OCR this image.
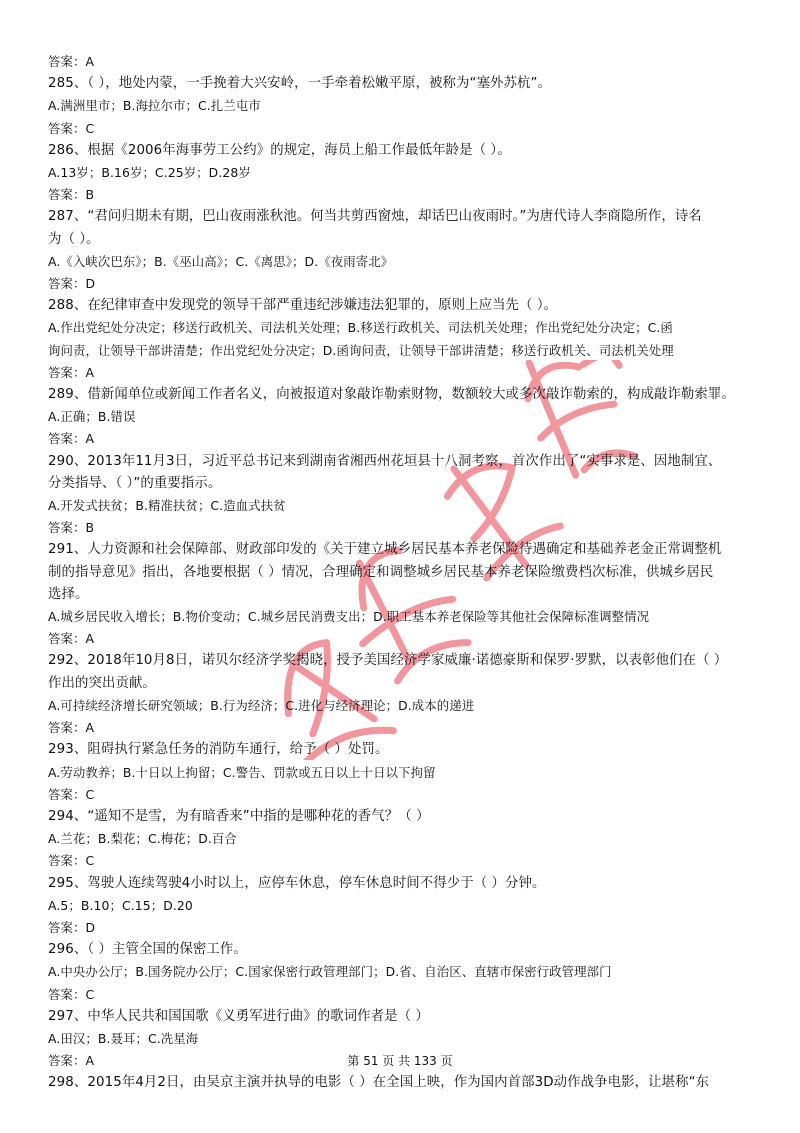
答案：A
285、（ ），地处内蒙，一手挽着大兴安岭，一手牵着松嫩平原，被称为“塞外苏杭”。
A.满洲里市；B.海拉尔市；C.扎兰屯市
答案：C
286、根据《2006年海事劳工公约》的规定，海员上船工作最低年龄是（ ）。
A.13岁；B.16岁；C.25岁；D.28岁
答案：B
287、“君问归期未有期，巴山夜雨涨秋池。何当共剪西窗烛，却话巴山夜雨时。”为唐代诗人李商隐所作，诗名
为（ ）。
A.《入峡次巴东》；B.《巫山高》；C.《离思》；D.《夜雨寄北》
答案：D
288、在纪律审查中发现党的领导干部严重违纪涉嫌违法犯罪的，原则上应当先（ ）。
A.作出党纪处分决定；移送行政机关、司法机关处理；B.移送行政机关、司法机关处理；作出党纪处分决定；C.函
询问责，让领导干部讲清楚；作出党纪处分决定；D.函询问责，让领导干部讲清楚；移送行政机关、司法机关处理
答案：A
289、借新闻单位或新闻工作者名义，向被报道对象敲诈勒索财物，数额较大或多次敲诈勒索的，构成敲诈勒索罪。
A.正确；B.错误
答案：A
290、2013年11月3日，习近平总书记来到湖南省湘西州花垣县十八洞考察，首次作出了“实事求是、因地制宜、
分类指导、（ ）”的重要指示。
A.开发式扶贫；B.精准扶贫；C.造血式扶贫
答案：B
291、人力资源和社会保障部、财政部印发的《关于建立城乡居民基本养老保险待遇确定和基础养老金正常调整机
制的指导意见》指出，各地要根据（ ）情况，合理确定和调整城乡居民基本养老保险缴费档次标准，供城乡居民
选择。
A.城乡居民收入增长；B.物价变动；C.城乡居民消费支出；D.职工基本养老保险等其他社会保障标准调整情况
答案：A
292、2018年10月8日，诺贝尔经济学奖揭晓，授予美国经济学家威廉·诺德豪斯和保罗·罗默，以表彰他们在（ ）
作出的突出贡献。
A.可持续经济增长研究领域；B.行为经济；C.进化与经济理论；D.成本的递进
答案：A
293、阻碍执行紧急任务的消防车通行，给予（ ）处罚。
A.劳动教养；B.十日以上拘留；C.警告、罚款或五日以上十日以下拘留
答案：C
294、“遥知不是雪，为有暗香来”中指的是哪种花的香气？（ ）
A.兰花；B.梨花；C.梅花；D.百合
答案：C
295、驾驶人连续驾驶4小时以上，应停车休息，停车休息时间不得少于（ ）分钟。
A.5；B.10；C.15；D.20
答案：D
296、（ ）主管全国的保密工作。
A.中央办公厅；B.国务院办公厅；C.国家保密行政管理部门；D.省、自治区、直辖市保密行政管理部门
答案：C
297、中华人民共和国国歌《义勇军进行曲》的歌词作者是（ ）
A.田汉；B.聂耳；C.冼星海
答案：A
298、2015年4月2日，由吴京主演并执导的电影（ ）在全国上映，作为国内首部3D动作战争电影，让堪称“东
第 51 页 共 133 页
